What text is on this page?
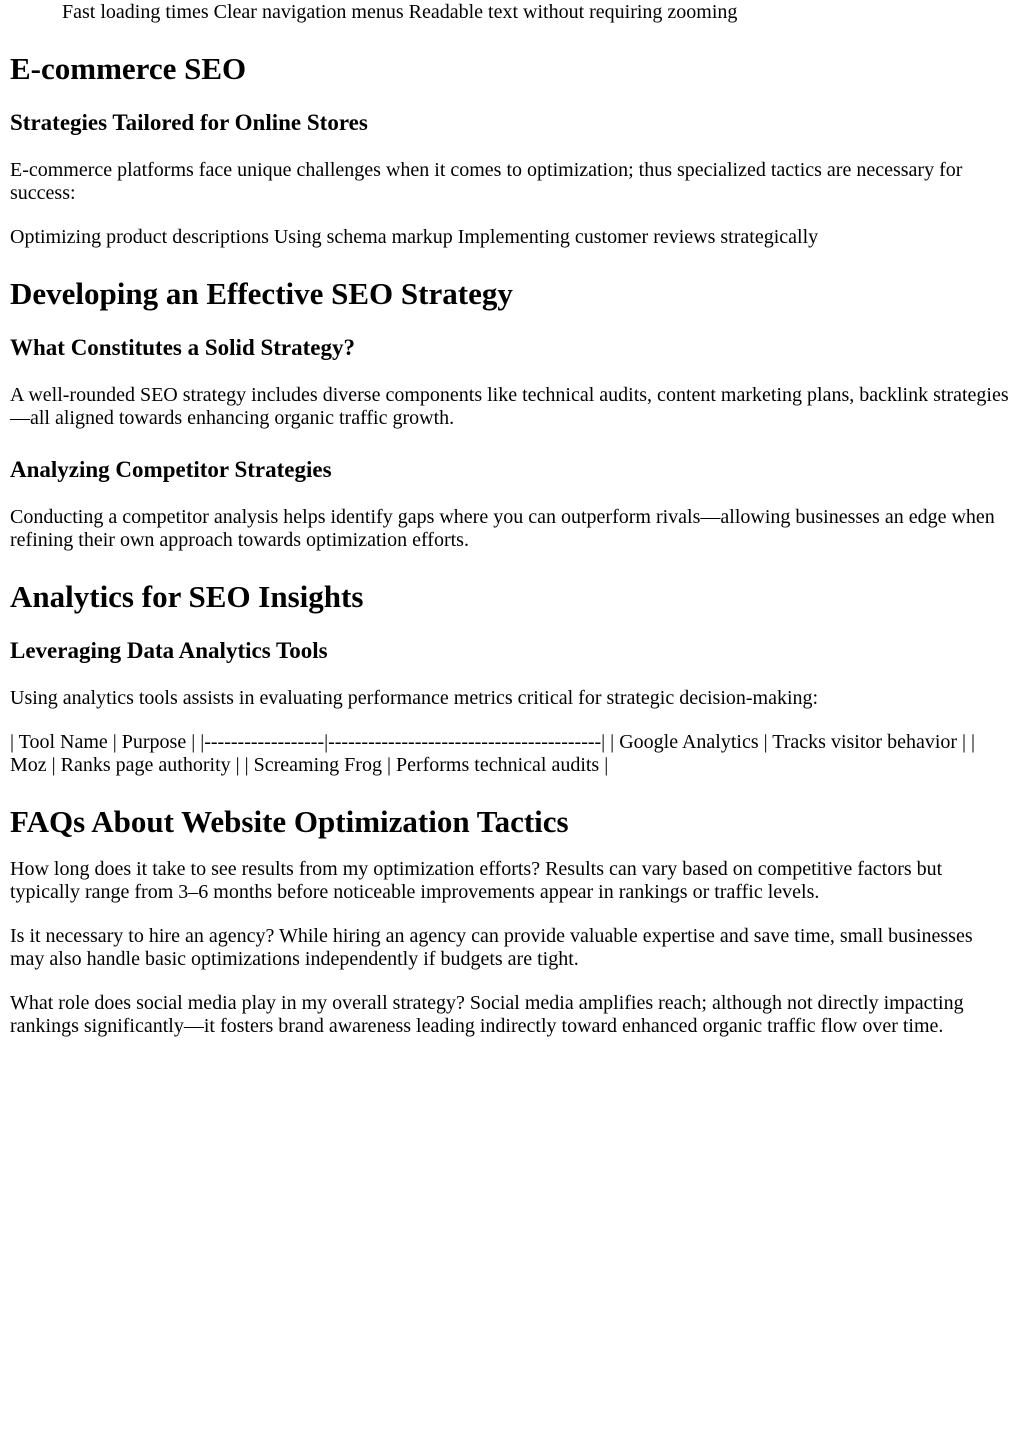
Fast loading times Clear navigation menus Readable text without requiring zooming

E-commerce SEO
Strategies Tailored for Online Stores

E-commerce platforms face unique challenges when it comes to optimization; thus specialized tactics are necessary for success:

Optimizing product descriptions Using schema markup Implementing customer reviews strategically

Developing an Effective SEO Strategy
What Constitutes a Solid Strategy?

A well-rounded SEO strategy includes diverse components like technical audits, content marketing plans, backlink strategies—all aligned towards enhancing organic traffic growth.

Analyzing Competitor Strategies

Conducting a competitor analysis helps identify gaps where you can outperform rivals—allowing businesses an edge when refining their own approach towards optimization efforts.

Analytics for SEO Insights
Leveraging Data Analytics Tools

Using analytics tools assists in evaluating performance metrics critical for strategic decision-making:

| Tool Name | Purpose | |------------------|-----------------------------------------| | Google Analytics | Tracks visitor behavior | | Moz | Ranks page authority | | Screaming Frog | Performs technical audits |

FAQs About Website Optimization Tactics

How long does it take to see results from my optimization efforts? Results can vary based on competitive factors but typically range from 3–6 months before noticeable improvements appear in rankings or traffic levels.

Is it necessary to hire an agency? While hiring an agency can provide valuable expertise and save time, small businesses may also handle basic optimizations independently if budgets are tight.

What role does social media play in my overall strategy? Social media amplifies reach; although not directly impacting rankings significantly—it fosters brand awareness leading indirectly toward enhanced organic traffic flow over time.
